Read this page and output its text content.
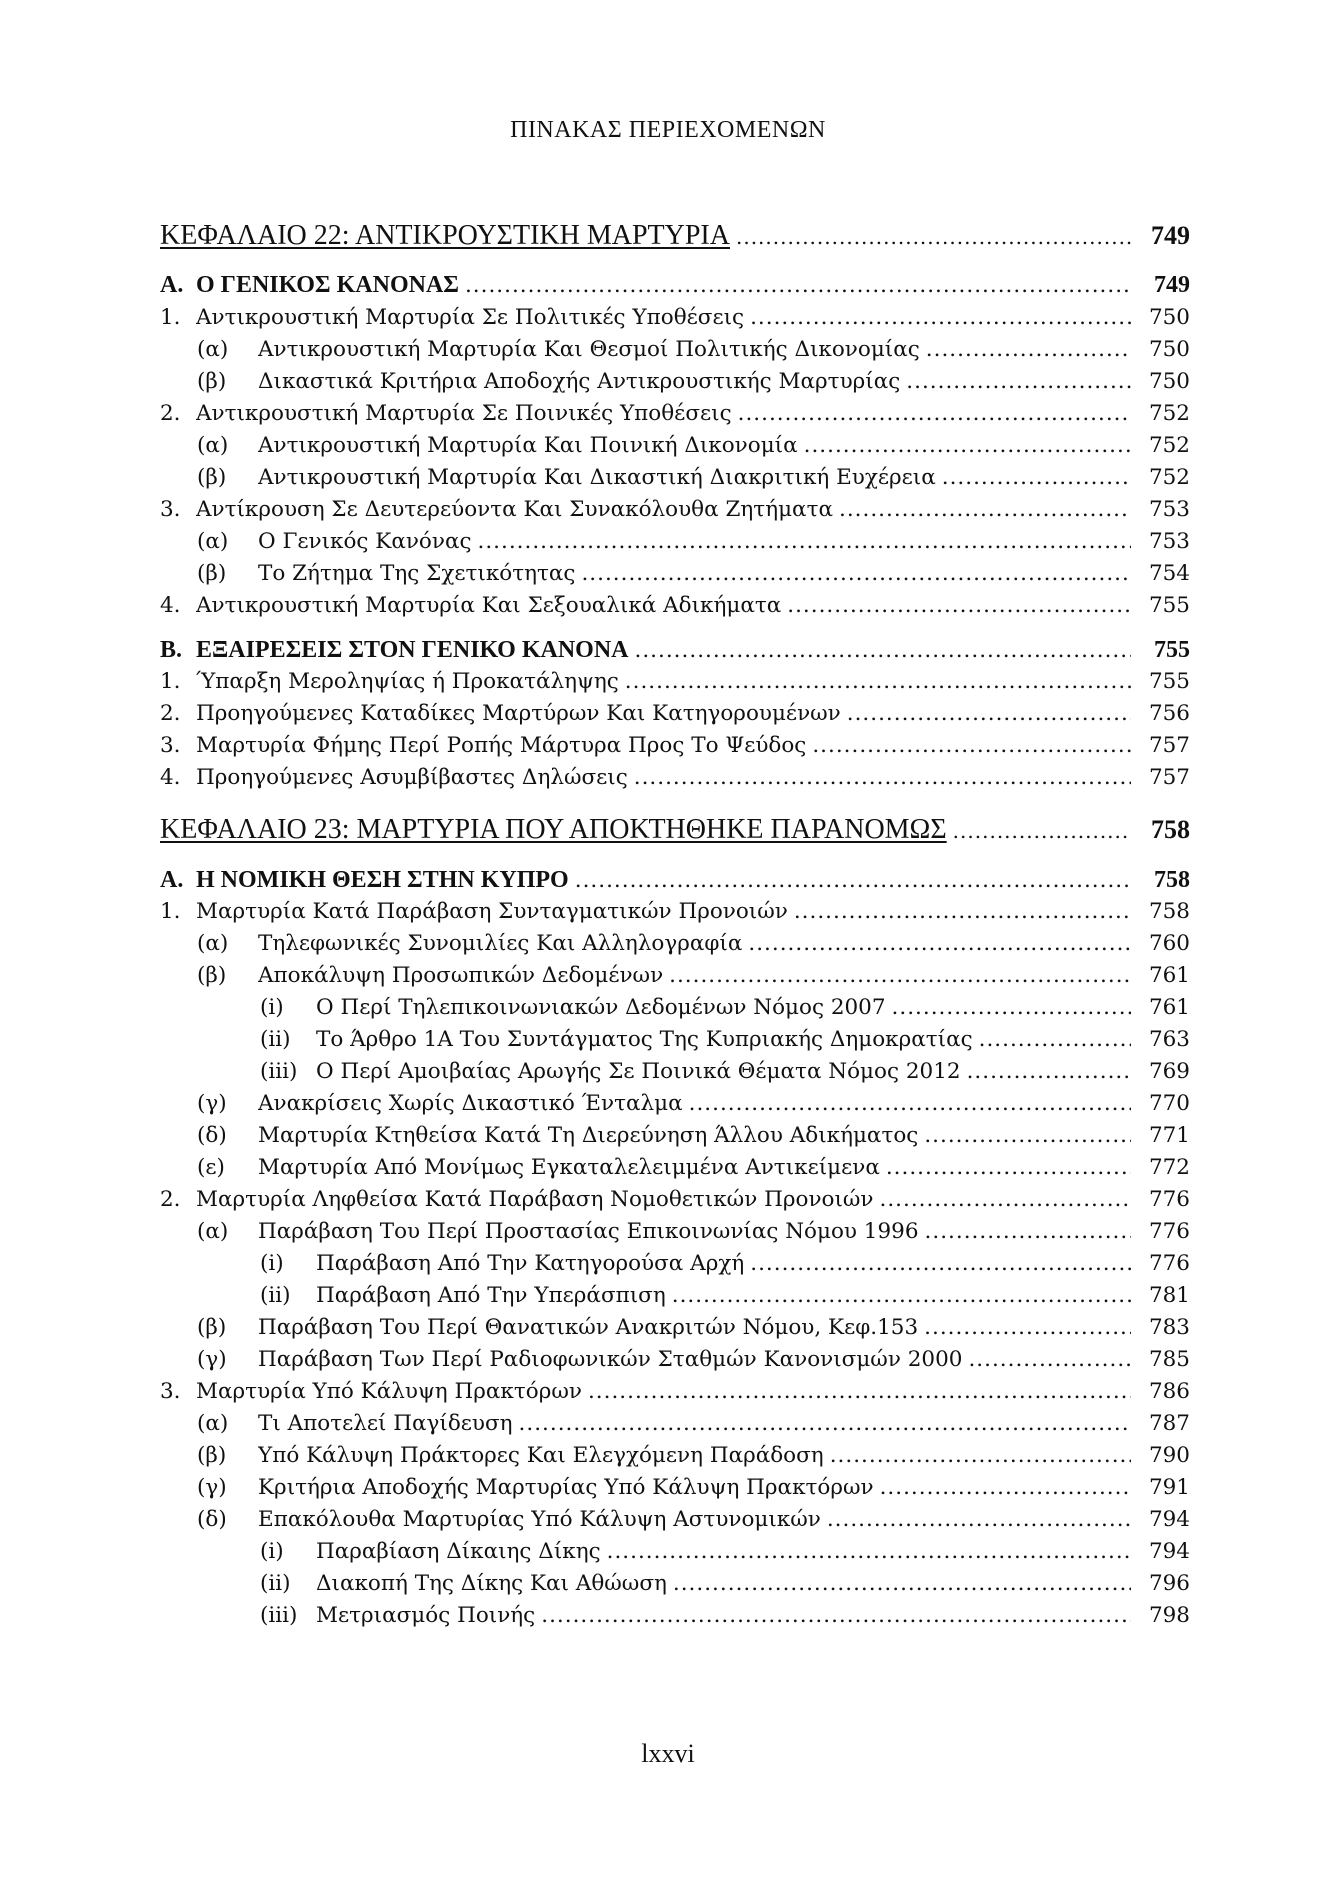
ΠΙΝΑΚΑΣ ΠΕΡΙΕΧΟΜΕΝΩΝ
ΚΕΦΑΛΑΙΟ 22: ΑΝΤΙΚΡΟΥΣΤΙΚΗ ΜΑΡΤΥΡΙΑ .....	749
Α. Ο ΓΕΝΙΚΟΣ ΚΑΝΟΝΑΣ .....	749
1. Αντικρουστική Μαρτυρία Σε Πολιτικές Υποθέσεις .....	750
(α) Αντικρουστική Μαρτυρία Και Θεσμοί Πολιτικής Δικονομίας .....	750
(β) Δικαστικά Κριτήρια Αποδοχής Αντικρουστικής Μαρτυρίας .....	750
2. Αντικρουστική Μαρτυρία Σε Ποινικές Υποθέσεις .....	752
(α) Αντικρουστική Μαρτυρία Και Ποινική Δικονομία .....	752
(β) Αντικρουστική Μαρτυρία Και Δικαστική Διακριτική Ευχέρεια .....	752
3. Αντίκρουση Σε Δευτερεύοντα Και Συνακόλουθα Ζητήματα .....	753
(α) Ο Γενικός Κανόνας .....	753
(β) Το Ζήτημα Της Σχετικότητας .....	754
4. Αντικρουστική Μαρτυρία Και Σεξουαλικά Αδικήματα .....	755
Β. ΕΞΑΙΡΕΣΕΙΣ ΣΤΟΝ ΓΕΝΙΚΟ ΚΑΝΟΝΑ .....	755
1. Ύπαρξη Μεροληψίας ή Προκατάληψης .....	755
2. Προηγούμενες Καταδίκες Μαρτύρων Και Κατηγορουμένων .....	756
3. Μαρτυρία Φήμης Περί Ροπής Μάρτυρα Προς Το Ψεύδος .....	757
4. Προηγούμενες Ασυμβίβαστες Δηλώσεις .....	757
ΚΕΦΑΛΑΙΟ 23: ΜΑΡΤΥΡΙΑ ΠΟΥ ΑΠΟΚΤΗΘΗΚΕ ΠΑΡΑΝΟΜΩΣ .....	758
Α. Η ΝΟΜΙΚΗ ΘΕΣΗ ΣΤΗΝ ΚΥΠΡΟ .....	758
1. Μαρτυρία Κατά Παράβαση Συνταγματικών Προνοιών .....	758
(α) Τηλεφωνικές Συνομιλίες Και Αλληλογραφία .....	760
(β) Αποκάλυψη Προσωπικών Δεδομένων .....	761
(i) Ο Περί Τηλεπικοινωνιακών Δεδομένων Νόμος 2007 .....	761
(ii) Το Άρθρο 1Α Του Συντάγματος Της Κυπριακής Δημοκρατίας .....	763
(iii) Ο Περί Αμοιβαίας Αρωγής Σε Ποινικά Θέματα Νόμος 2012 .....	769
(γ) Ανακρίσεις Χωρίς Δικαστικό Ένταλμα .....	770
(δ) Μαρτυρία Κτηθείσα Κατά Τη Διερεύνηση Άλλου Αδικήματος .....	771
(ε) Μαρτυρία Από Μονίμως Εγκαταλελειμμένα Αντικείμενα .....	772
2. Μαρτυρία Ληφθείσα Κατά Παράβαση Νομοθετικών Προνοιών .....	776
(α) Παράβαση Του Περί Προστασίας Επικοινωνίας Νόμου 1996 .....	776
(i) Παράβαση Από Την Κατηγορούσα Αρχή .....	776
(ii) Παράβαση Από Την Υπεράσπιση .....	781
(β) Παράβαση Του Περί Θανατικών Ανακριτών Νόμου, Κεφ.153 .....	783
(γ) Παράβαση Των Περί Ραδιοφωνικών Σταθμών Κανονισμών 2000 .....	785
3. Μαρτυρία Υπό Κάλυψη Πρακτόρων .....	786
(α) Τι Αποτελεί Παγίδευση .....	787
(β) Υπό Κάλυψη Πράκτορες Και Ελεγχόμενη Παράδοση .....	790
(γ) Κριτήρια Αποδοχής Μαρτυρίας Υπό Κάλυψη Πρακτόρων .....	791
(δ) Επακόλουθα Μαρτυρίας Υπό Κάλυψη Αστυνομικών .....	794
(i) Παραβίαση Δίκαιης Δίκης .....	794
(ii) Διακοπή Της Δίκης Και Αθώωση .....	796
(iii) Μετριασμός Ποινής .....	798
lxxvi
